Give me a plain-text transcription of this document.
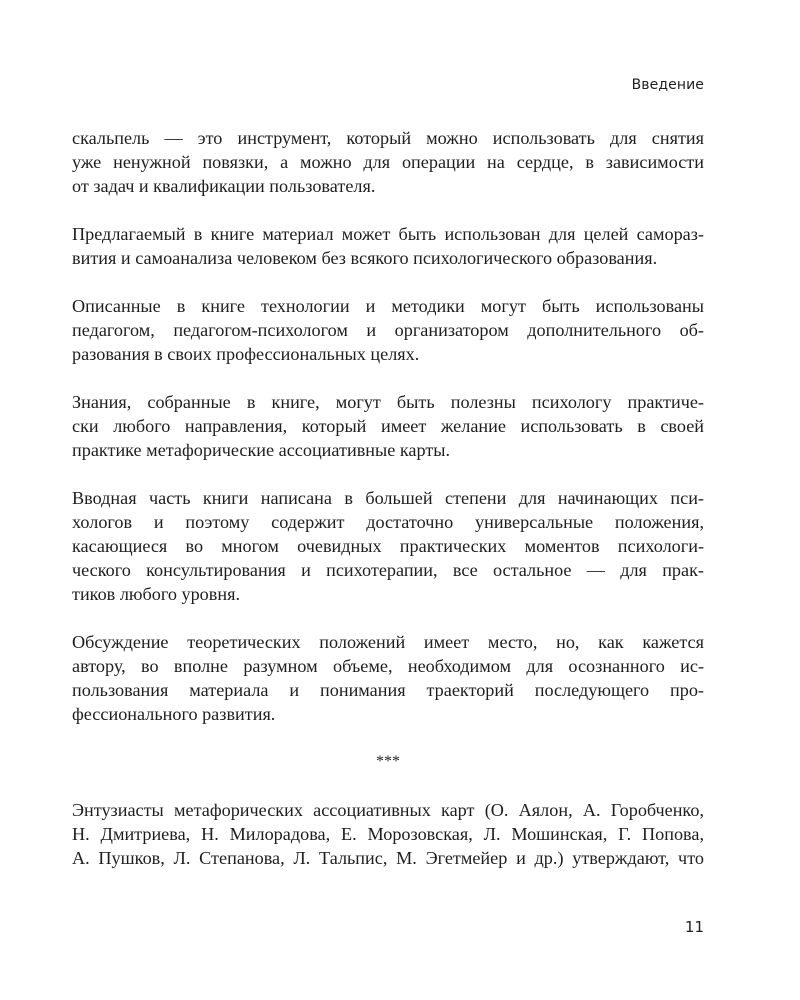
Введение
скальпель — это инструмент, который можно использовать для снятия
уже ненужной повязки, а можно для операции на сердце, в зависимости
от задач и квалификации пользователя.
Предлагаемый в книге материал может быть использован для целей самораз-
вития и самоанализа человеком без всякого психологического образования.
Описанные в книге технологии и методики могут быть использованы
педагогом, педагогом-психологом и организатором дополнительного об-
разования в своих профессиональных целях.
Знания, собранные в книге, могут быть полезны психологу практиче-
ски любого направления, который имеет желание использовать в своей
практике метафорические ассоциативные карты.
Вводная часть книги написана в большей степени для начинающих пси-
хологов и поэтому содержит достаточно универсальные положения,
касающиеся во многом очевидных практических моментов психологи-
ческого консультирования и психотерапии, все остальное — для прак-
тиков любого уровня.
Обсуждение теоретических положений имеет место, но, как кажется
автору, во вполне разумном объеме, необходимом для осознанного ис-
пользования материала и понимания траекторий последующего про-
фессионального развития.
***
Энтузиасты метафорических ассоциативных карт (О. Аялон, А. Горобченко,
Н. Дмитриева, Н. Милорадова, Е. Морозовская, Л. Мошинская, Г. Попова,
А. Пушков, Л. Степанова, Л. Тальпис, М. Эгетмейер и др.) утверждают, что
11
